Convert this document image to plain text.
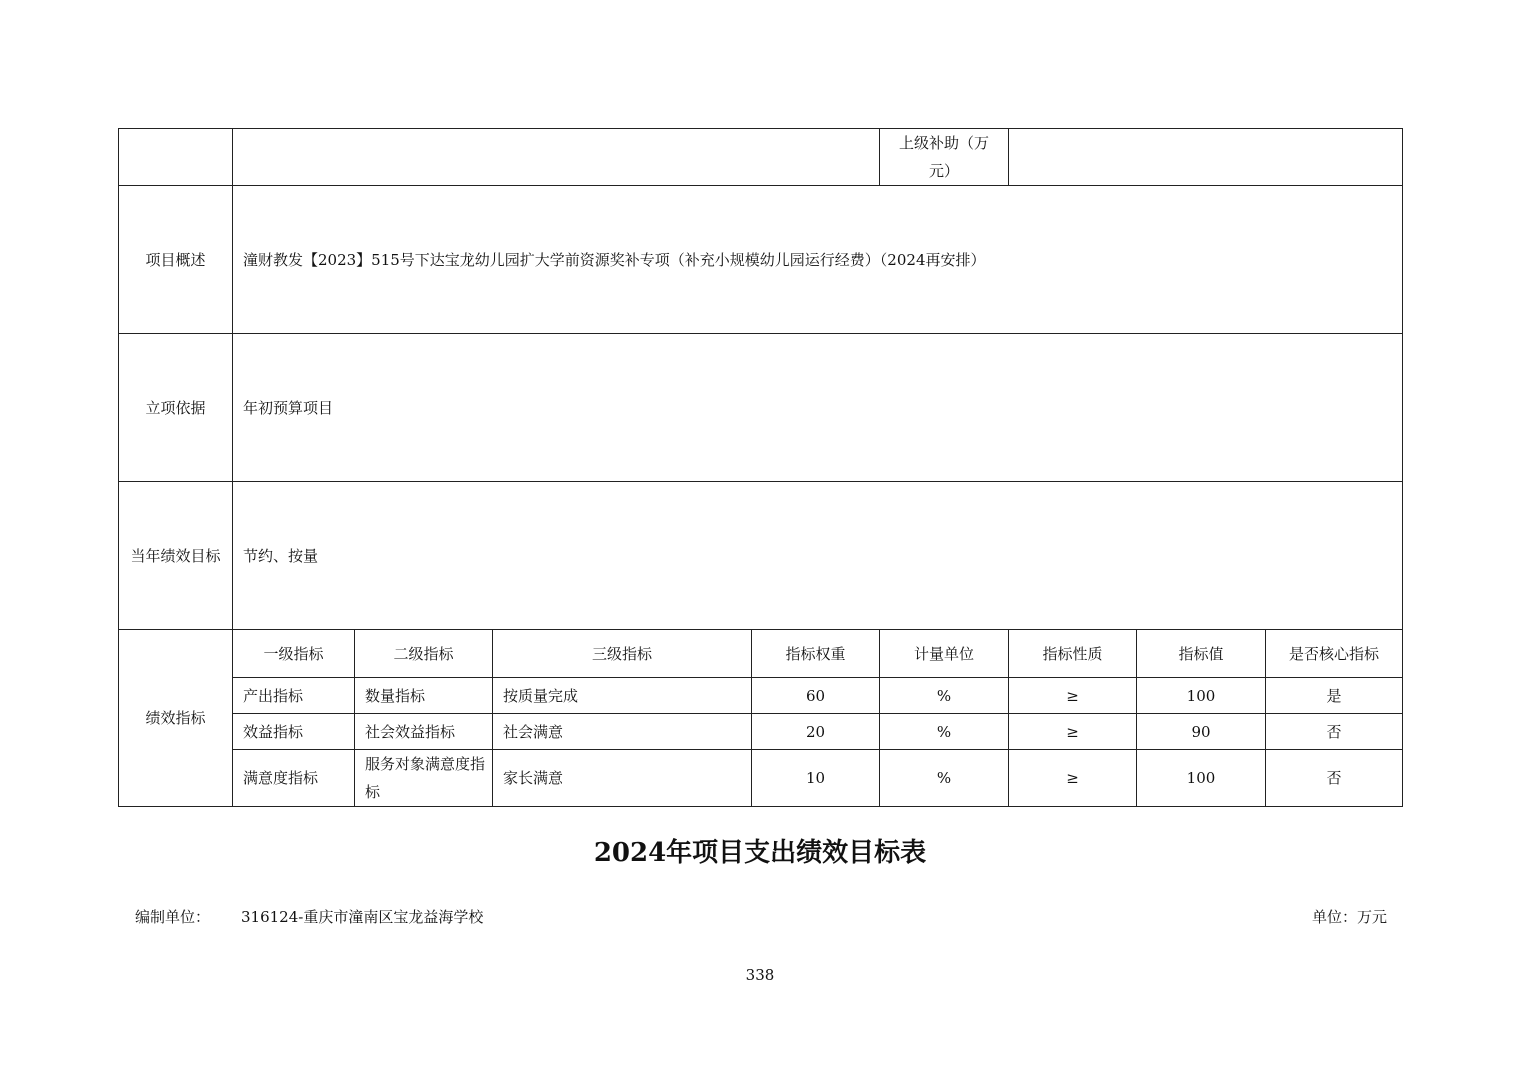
					上级补助（万元）			
项目概述	潼财教发【2023】515号下达宝龙幼儿园扩大学前资源奖补专项（补充小规模幼儿园运行经费）（2024再安排）							
立项依据	年初预算项目							
当年绩效目标	节约、按量							
绩效指标	一级指标	二级指标	三级指标	指标权重	计量单位	指标性质	指标值	是否核心指标
	产出指标	数量指标	按质量完成	60	%	≥	100	是
	效益指标	社会效益指标	社会满意	20	%	≥	90	否
	满意度指标	服务对象满意度指标	家长满意	10	%	≥	100	否
2024年项目支出绩效目标表
编制单位： 316124-重庆市潼南区宝龙益海学校	单位：万元
338
